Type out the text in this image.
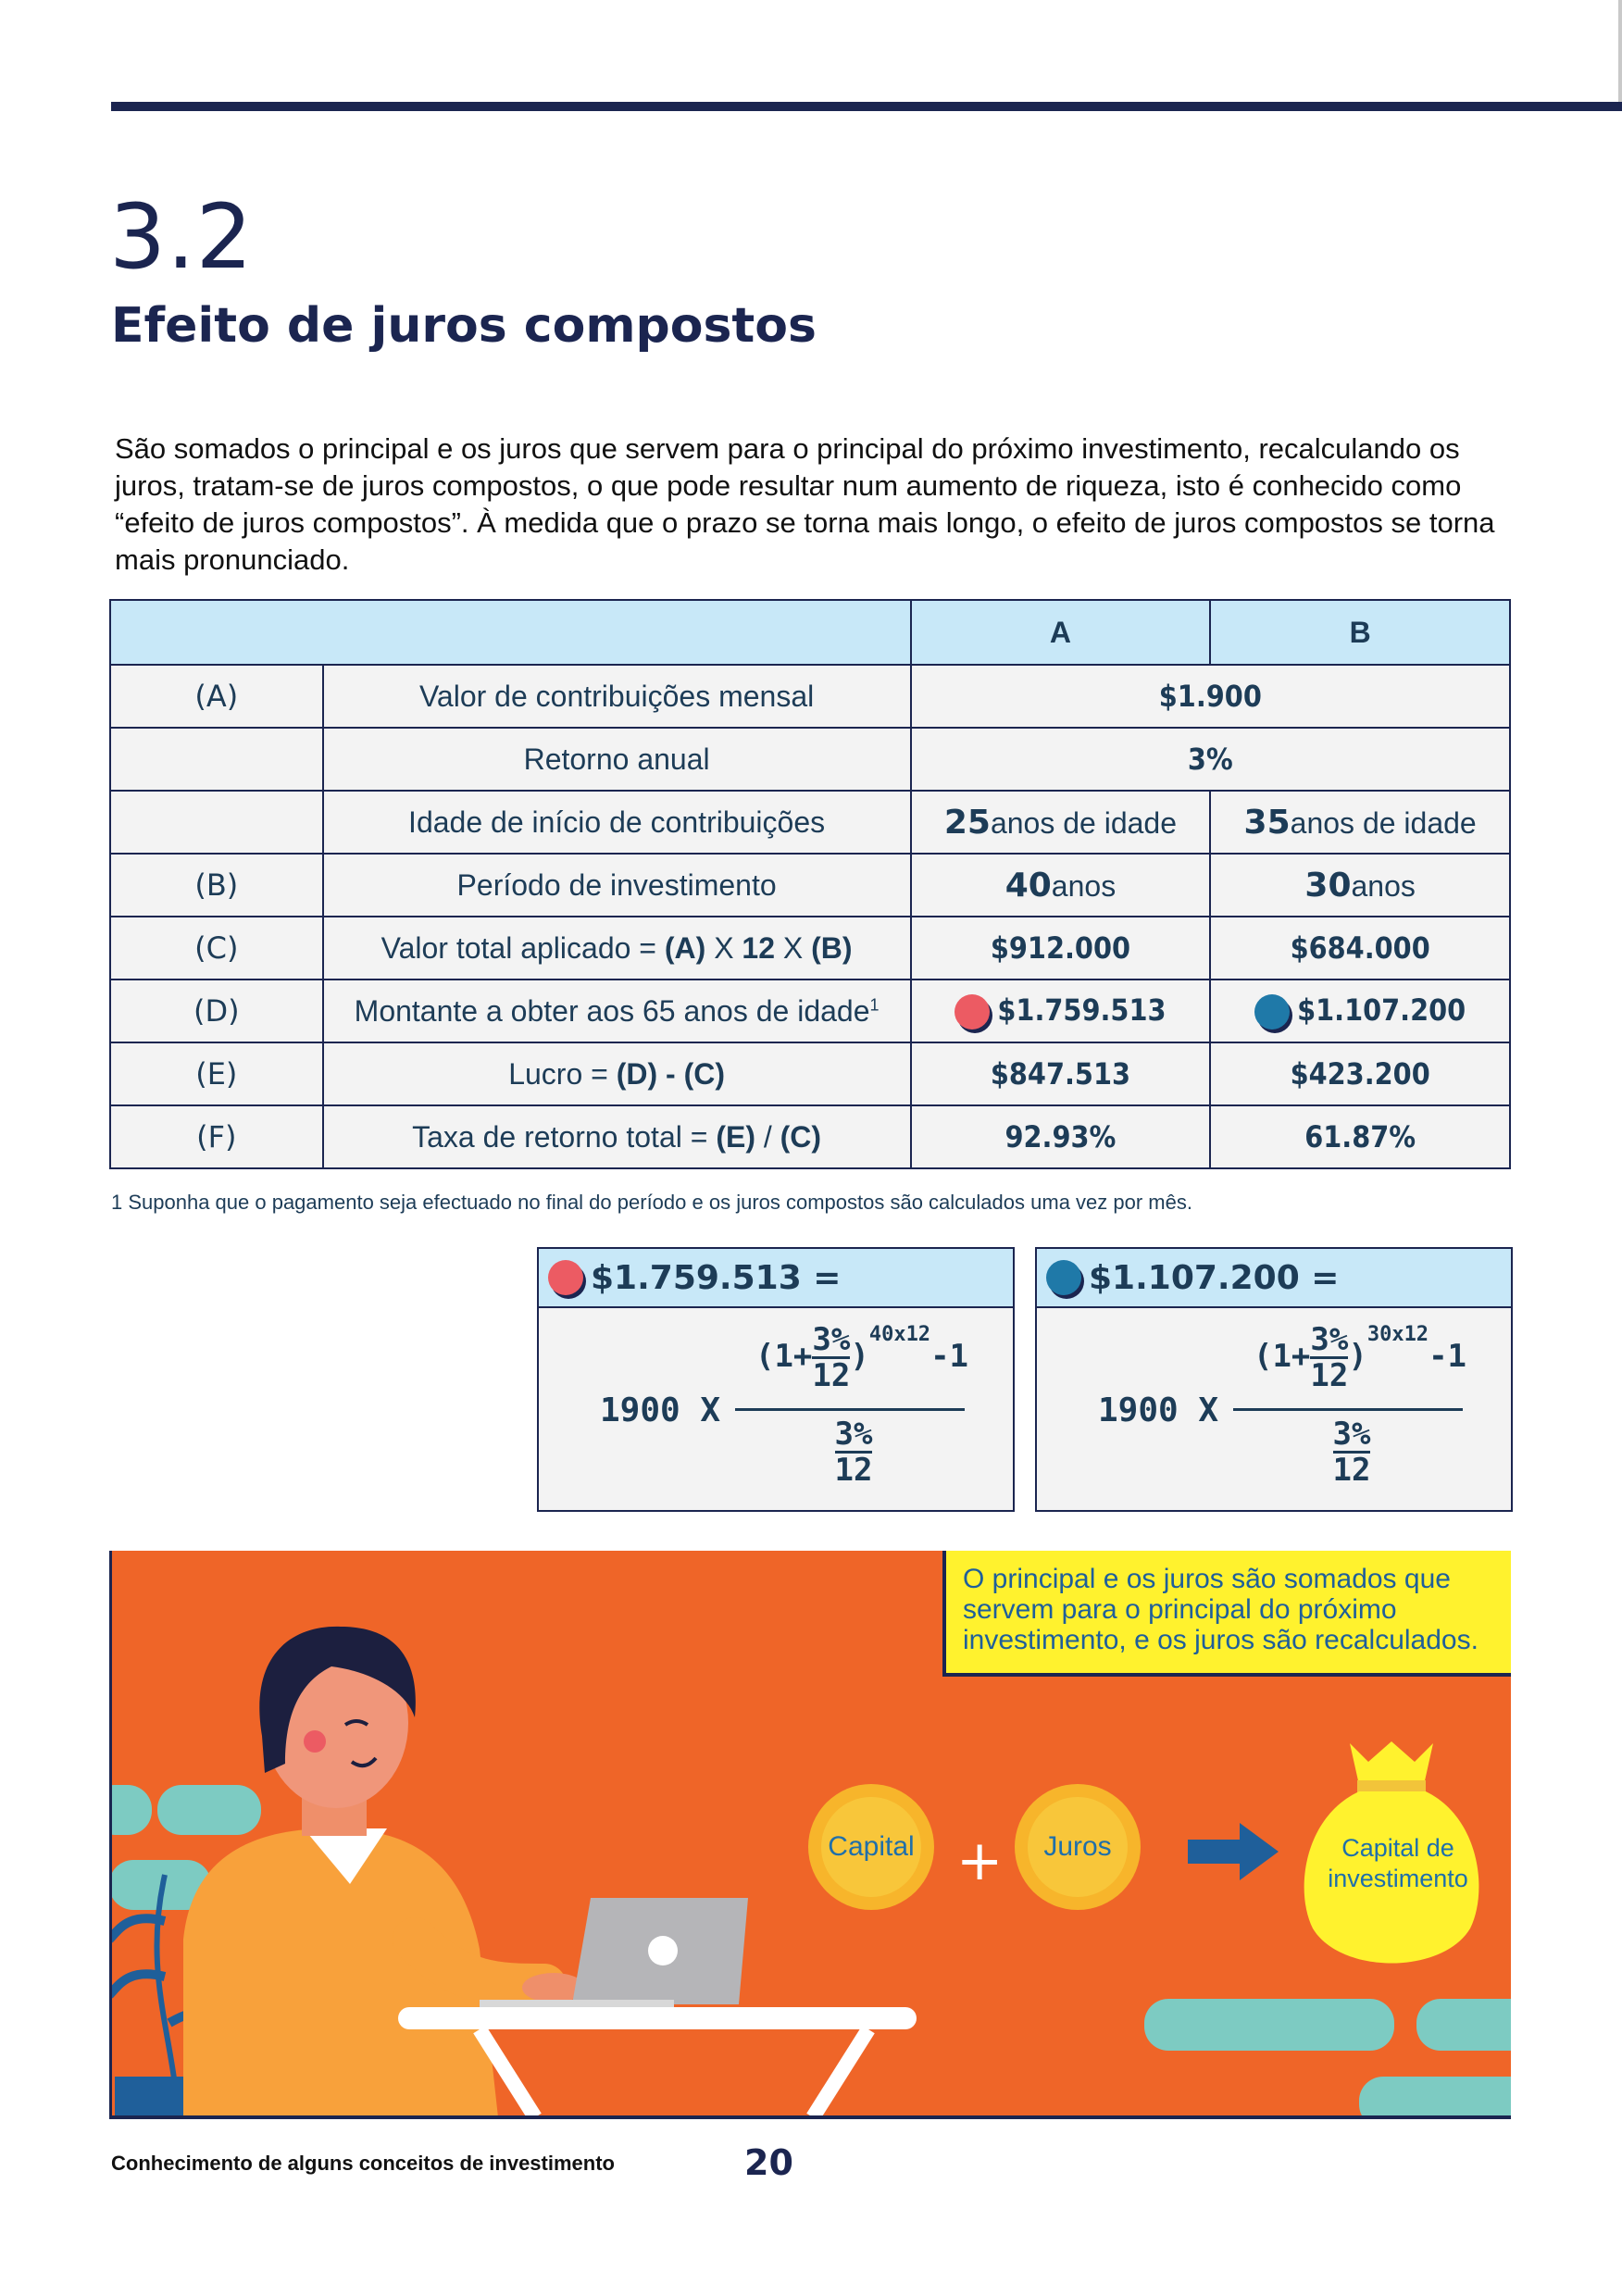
3.2
Efeito de juros compostos
São somados o principal e os juros que servem para o principal do próximo investimento, recalculando os juros, tratam-se de juros compostos, o que pode resultar num aumento de riqueza, isto é conhecido como “efeito de juros compostos”. À medida que o prazo se torna mais longo, o efeito de juros compostos se torna mais pronunciado.
		A	B
(A)	Valor de contribuições mensal	$1.900	
	Retorno anual	3%	
	Idade de início de contribuições	25anos de idade	35anos de idade
(B)	Período de investimento	40anos	30anos
(C)	Valor total aplicado = (A) X 12 X (B)	$912.000	$684.000
(D)	Montante a obter aos 65 anos de idade$^1$	$1.759.513	$1.107.200
(E)	Lucro = (D) - (C)	$847.513	$423.200
(F)	Taxa de retorno total = (E) / (C)	92.93%	61.87%
1 Suponha que o pagamento seja efectuado no final do período e os juros compostos são calculados uma vez por mês.
$1.759.513 =
1900 X
$(1+\frac{3\%}{12} )^{40x12}-1$
$\frac{3\%}{12}$
$1.107.200 =
1900 X
$(1+\frac{3\%}{12} )^{30x12}-1$
$\frac{3\%}{12}$
O principal e os juros são somados que servem para o principal do próximo investimento, e os juros são recalculados.
Capital +	Juros	Capital de investimento
Conhecimento de alguns conceitos de investimento	20
